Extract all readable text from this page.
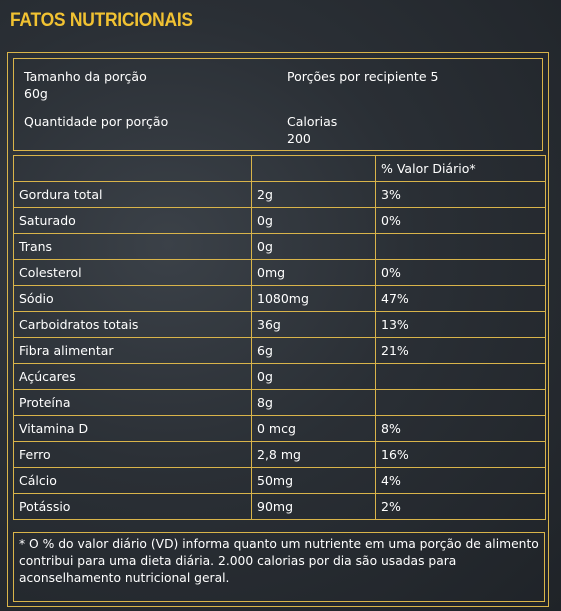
FATOS NUTRICIONAIS
Tamanho da porção
60g
Porções por recipiente 5
Quantidade por porção	Calorias
200
		% Valor Diário*
Gordura total	2g	3%
Saturado	0g	0%
Trans	0g	
Colesterol	0mg	0%
Sódio	1080mg	47%
Carboidratos totais	36g	13%
Fibra alimentar	6g	21%
Açúcares	0g	
Proteína	8g	
Vitamina D	0 mcg	8%
Ferro	2,8 mg	16%
Cálcio	50mg	4%
Potássio	90mg	2%
* O % do valor diário (VD) informa quanto um nutriente em uma porção de alimento contribui para uma dieta diária. 2.000 calorias por dia são usadas para aconselhamento nutricional geral.
